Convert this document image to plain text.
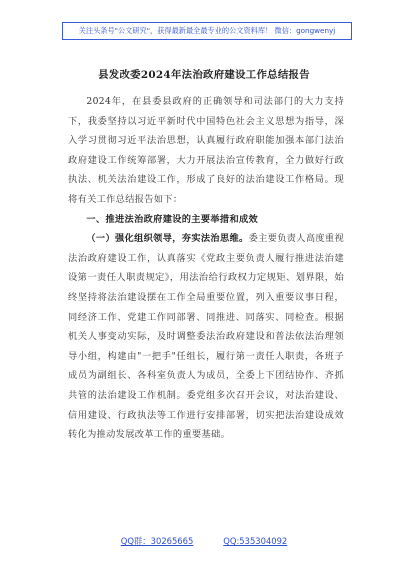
关注头条号"公文研究"，获得最新最全最专业的公文资料库！ 微信：gongwenyj
县发改委2024年法治政府建设工作总结报告

2024年，在县委县政府的正确领导和司法部门的大力支持下，我委坚持以习近平新时代中国特色社会主义思想为指导，深入学习贯彻习近平法治思想，认真履行政府职能加强本部门法治政府建设工作统筹部署，大力开展法治宣传教育，全力做好行政执法、机关法治建设工作，形成了良好的法治建设工作格局。现将有关工作总结报告如下：

一、推进法治政府建设的主要举措和成效

（一）强化组织领导，夯实法治思维。委主要负责人高度重视法治政府建设工作，认真落实《党政主要负责人履行推进法治建设第一责任人职责规定》，用法治给行政权力定规矩、划界限，始终坚持将法治建设摆在工作全局重要位置，列入重要议事日程，同经济工作、党建工作同部署、同推进、同落实、同检查。根据机关人事变动实际，及时调整委法治政府建设和普法依法治理领导小组，构建由"一把手"任组长，履行第一责任人职责，各班子成员为副组长、各科室负责人为成员，全委上下团结协作、齐抓共管的法治建设工作机制。委党组多次召开会议，对法治建设、信用建设、行政执法等工作进行安排部署，切实把法治建设成效转化为推动发展改革工作的重要基础。

QQ群：30265665	QQ:535304092
